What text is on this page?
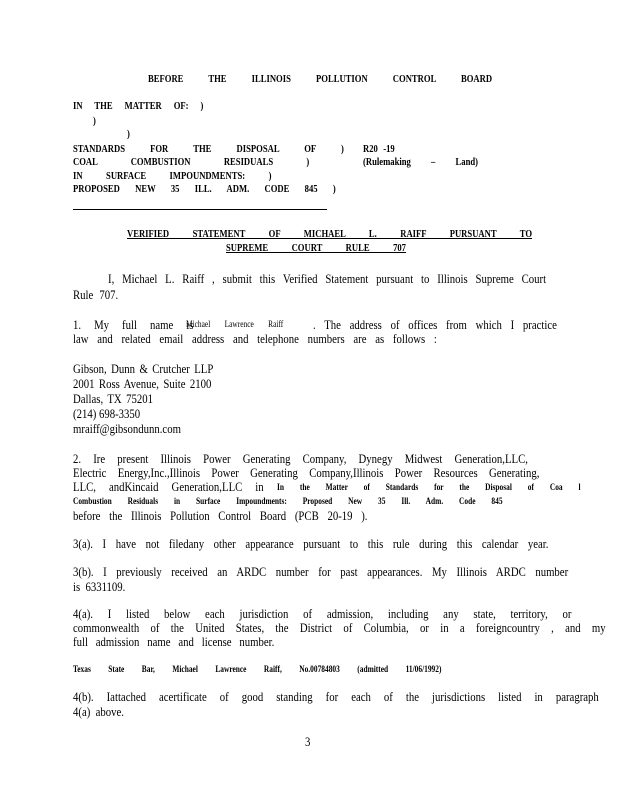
BEFORE THE ILLINOIS POLLUTION CONTROL BOARD
IN THE MATTER OF: )
)
)
STANDARDS FOR THE DISPOSAL OF )
COAL COMBUSTION RESIDUALS )
IN SURFACE IMPOUNDMENTS: )
PROPOSED NEW 35 ILL. ADM. CODE 845 )
R20 -19
(Rulemaking – Land)
VERIFIED STATEMENT OF MICHAEL L. RAIFF PURSUANT TO
SUPREME COURT RULE 707
I, Michael L. Raiff , submit this Verified Statement pursuant to Illinois Supreme Court
Rule 707.
1. My full name is
Michael Lawrence Raiff . The address of offices from which I practice
law and related email address and telephone numbers are as follows :
Gibson, Dunn & Crutcher LLP
2001 Ross Avenue, Suite 2100
Dallas, TX 75201
(214) 698-3350
mraiff@gibsondunn.com
2. Ire present Illinois Power Generating Company, Dynegy Midwest Generation,LLC,
Electric Energy,Inc.,Illinois Power Generating Company,Illinois Power Resources Generating,
LLC, andKincaid Generation,LLC in In the Matter of Standards for the Disposal of Coa l
Combustion Residuals in Surface Impoundments: Proposed New 35 Ill. Adm. Code 845
before the Illinois Pollution Control Board (PCB 20-19 ).
3(a). I have not filedany other appearance pursuant to this rule during this calendar year.
3(b). I previously received an ARDC number for past appearances. My Illinois ARDC number
is 6331109.
4(a). I listed below each jurisdiction of admission, including any state, territory, or
commonwealth of the United States, the District of Columbia, or in a foreigncountry , and my
full admission name and license number.
Texas State Bar, Michael Lawrence Raiff, No.00784803 (admitted 11/06/1992)
4(b). Iattached acertificate of good standing for each of the jurisdictions listed in paragraph
4(a) above.
3
